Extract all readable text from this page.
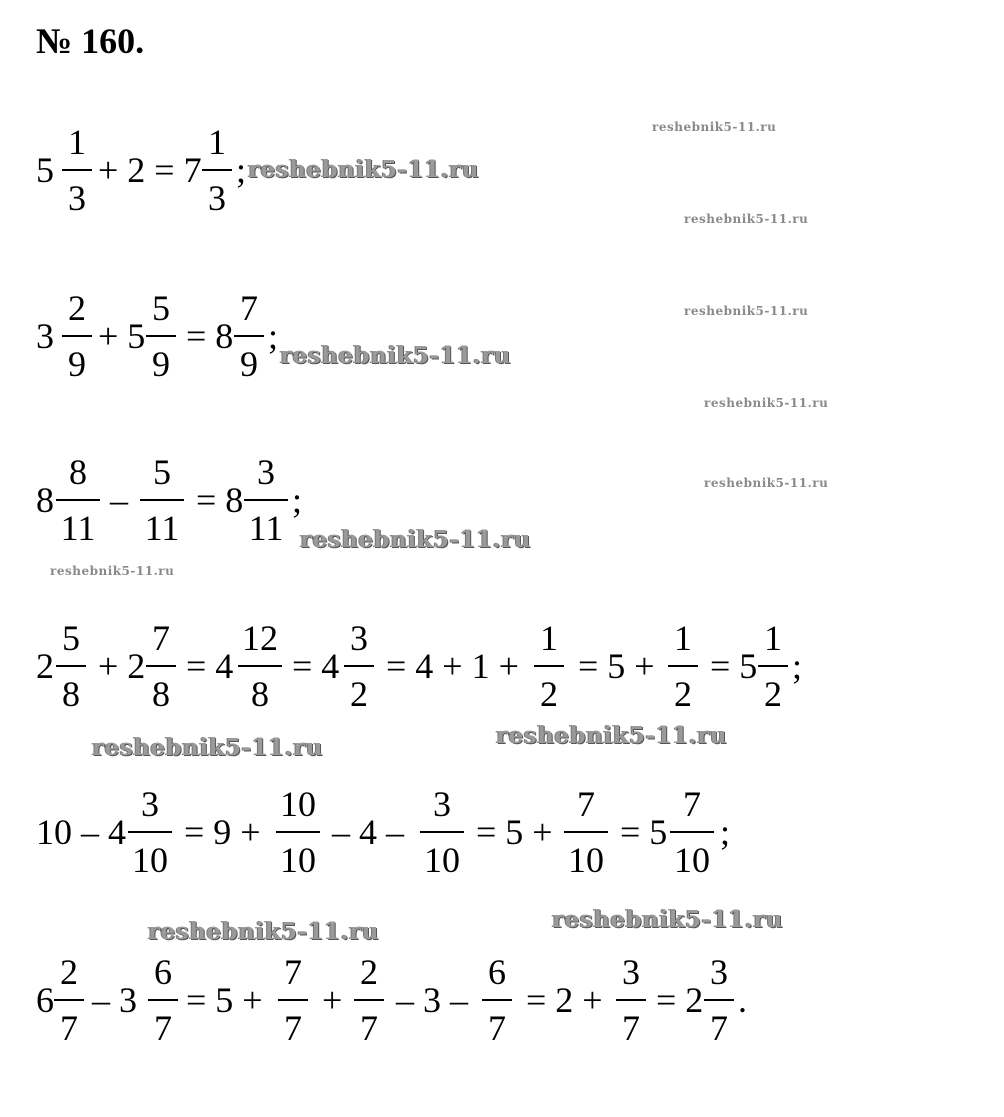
№ 160.
5
1
3
+ 2 = 7
1
3
;
3
2
9
+ 5
5
9
= 8
7
9
;
8
8
11
–
5
11
= 8
3
11
;
2
5
8
+ 2
7
8
= 4
12
8
= 4
3
2
= 4 + 1 +
1
2
= 5 +
1
2
= 5
1
2
;
10 – 4
3
10
= 9 +
10
10
– 4 –
3
10
= 5 +
7
10
= 5
7
10
;
6
2
7
– 3
6
7
= 5 +
7
7
+
2
7
– 3 –
6
7
= 2 +
3
7
= 2
3
7
.
reshebnik5-11.ru
reshebnik5-11.ru
reshebnik5-11.ru
reshebnik5-11.ru	reshebnik5-11.ru
reshebnik5-11.ru	reshebnik5-11.ru
reshebnik5-11.ru
reshebnik5-11.ru
reshebnik5-11.ru
reshebnik5-11.ru
reshebnik5-11.ru
reshebnik5-11.ru
